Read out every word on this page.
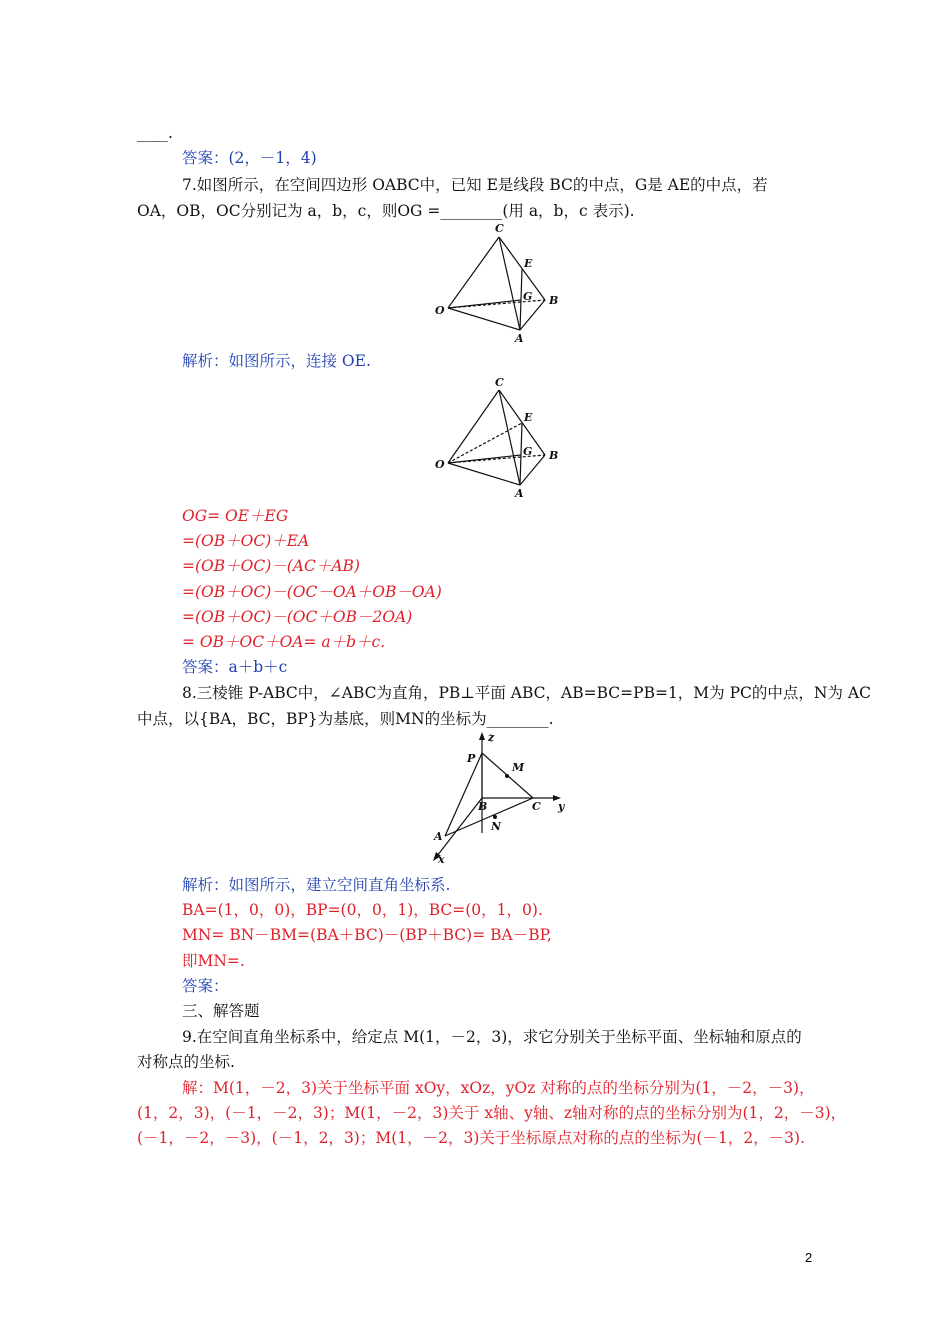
____.
答案：(2，－1，4)
7.如图所示，在空间四边形 OABC中，已知 E是线段 BC的中点，G是 AE的中点，若
OA，OB，OC分别记为 a，b，c，则OG =________(用 a，b，c 表示).
C
E
G B
O
A
解析：如图所示，连接 OE.
C
E
G B
O
A
OG= OE＋EG
=(OB＋OC)＋EA
=(OB＋OC)－(AC＋AB)
=(OB＋OC)－(OC－OA＋OB－OA)
=(OB＋OC)－(OC＋OB－2OA)
= OB＋OC＋OA= a＋b＋c.
答案：a＋b＋c
8.三棱锥 P-ABC中，∠ABC为直角，PB⊥平面 ABC，AB=BC=PB=1，M为 PC的中点，N为 AC
中点，以{BA，BC，BP}为基底，则MN的坐标为________.
z
P
M
B	C y
N
A
x
解析：如图所示，建立空间直角坐标系.
BA=(1，0，0)，BP=(0，0，1)，BC=(0，1，0).
MN= BN－BM=(BA＋BC)－(BP＋BC)= BA－BP,
即MN=.
答案：
三、解答题
9.在空间直角坐标系中，给定点 M(1，－2，3)，求它分别关于坐标平面、坐标轴和原点的
对称点的坐标.
解：M(1，－2，3)关于坐标平面 xOy，xOz，yOz 对称的点的坐标分别为(1，－2，－3)，
(1，2，3)，(－1，－2，3)；M(1，－2，3)关于 x轴、y轴、z轴对称的点的坐标分别为(1，2，－3)，
(－1，－2，－3)，(－1，2，3)；M(1，－2，3)关于坐标原点对称的点的坐标为(－1，2，－3).
2
